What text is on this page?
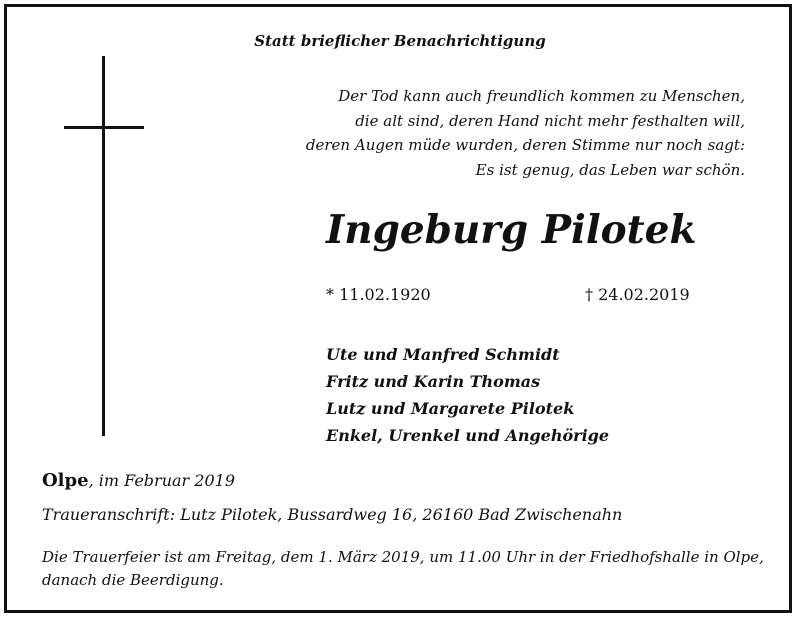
Statt brieflicher Benachrichtigung
Der Tod kann auch freundlich kommen zu Menschen,
die alt sind, deren Hand nicht mehr festhalten will,
deren Augen müde wurden, deren Stimme nur noch sagt:
Es ist genug, das Leben war schön.
Ingeburg Pilotek
* 11.02.1920	† 24.02.2019
Ute und Manfred Schmidt
Fritz und Karin Thomas
Lutz und Margarete Pilotek
Enkel, Urenkel und Angehörige
Olpe, im Februar 2019
Traueranschrift: Lutz Pilotek, Bussardweg 16, 26160 Bad Zwischenahn
Die Trauerfeier ist am Freitag, dem 1. März 2019, um 11.00 Uhr in der Friedhofshalle in Olpe,
danach die Beerdigung.
